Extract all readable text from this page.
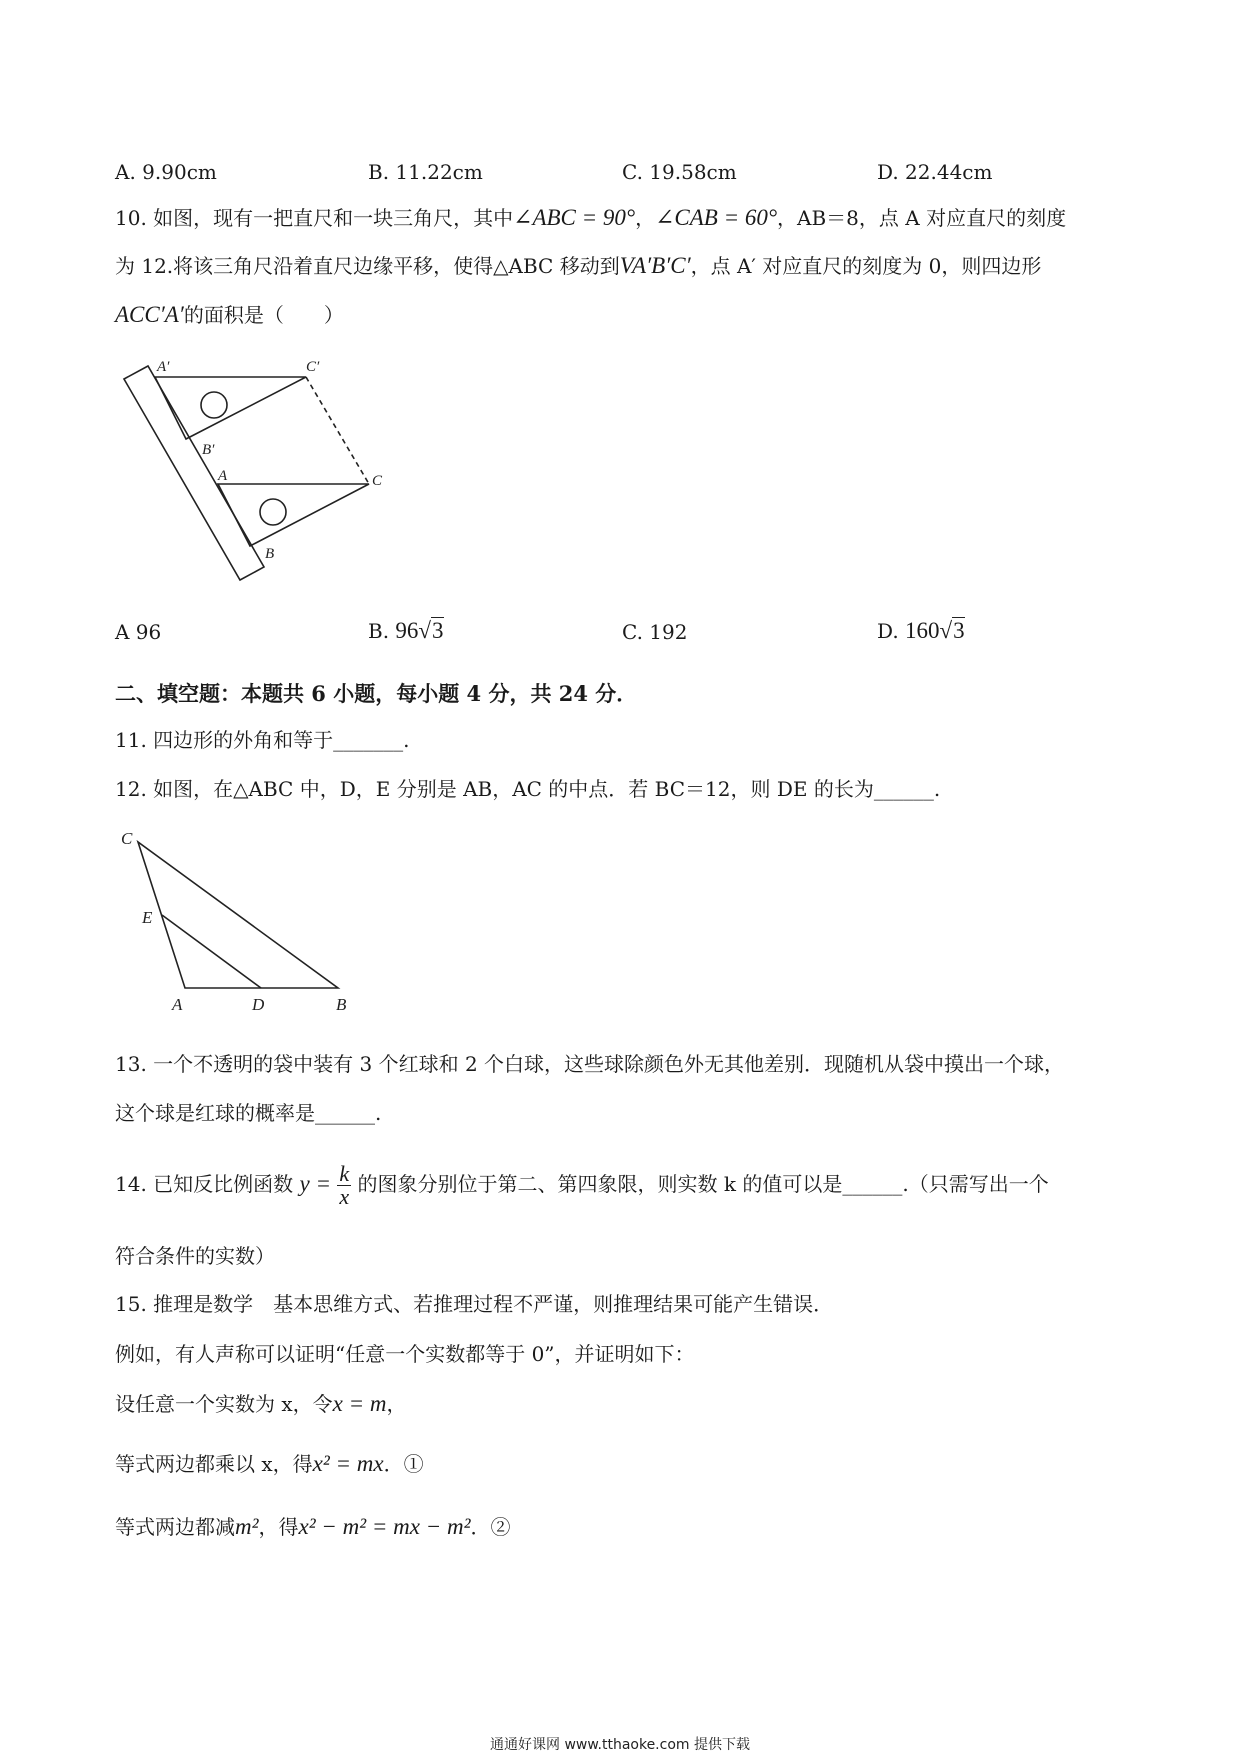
A. 9.90cm	B. 11.22cm	C. 19.58cm	D. 22.44cm
10. 如图，现有一把直尺和一块三角尺，其中∠ABC = 90°，∠CAB = 60°，AB＝8，点 A 对应直尺的刻度
为 12.将该三角尺沿着直尺边缘平移，使得△ABC 移动到VA′B′C′，点 A′ 对应直尺的刻度为 0，则四边形
ACC′A′的面积是（　　）
A′	C′
B′
A	C
B
A 96	B. 96√3	C. 192	D. 160√3
二、填空题：本题共 6 小题，每小题 4 分，共 24 分．
11. 四边形的外角和等于_______.
12. 如图，在△ABC 中，D，E 分别是 AB，AC 的中点．若 BC＝12，则 DE 的长为______.
C
E
A	D	B
13. 一个不透明的袋中装有 3 个红球和 2 个白球，这些球除颜色外无其他差别．现随机从袋中摸出一个球，
这个球是红球的概率是______.
14. 已知反比例函数 $y = \frac{k}{x}$ 的图象分别位于第二、第四象限，则实数 k 的值可以是______.（只需写出一个
符合条件的实数）
15. 推理是数学　基本思维方式、若推理过程不严谨，则推理结果可能产生错误．
例如，有人声称可以证明“任意一个实数都等于 0”，并证明如下：
设任意一个实数为 x，令x = m，
等式两边都乘以 x，得x² = mx．①
等式两边都减m²，得x² − m² = mx − m²．②
通通好课网 www.tthaoke.com 提供下载
